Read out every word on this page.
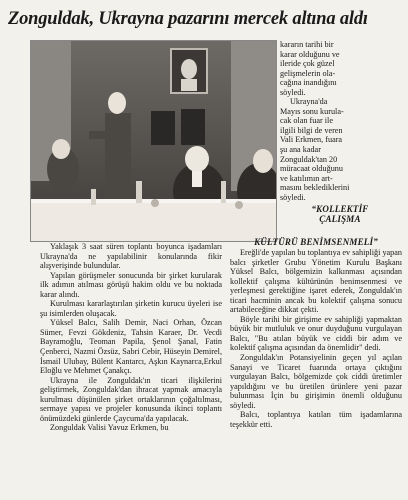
Zonguldak, Ukrayna pazarını mercek altına aldı

kararın tarihi bir

karar olduğunu ve

ileride çok güzel

gelişmelerin ola-

cağına inandığını

söyledi.

Ukrayna'da

Mayıs sonu kurula-

cak olan fuar ile

ilgili bilgi de veren

Vali Erkmen, fuara

şu ana kadar

Zonguldak'tan 20

müracaat olduğunu

ve katılımın art-

masını beklediklerini

söyledi.

“KOLLEKTİF
ÇALIŞMA
KÜLTÜRÜ BENİMSENMELİ”

Ereğli'de yapılan bu toplantıya ev sahipliği yapan balcı şirketler Grubu Yönetim Kurulu Başkanı Yüksel Balcı, bölgemizin kalkınması açısından kollektif çalışma kültürünün benimsenmesi ve yerleşmesi gerektiğine işaret ederek, Zonguldak'ın ticari hacminin ancak bu kolektif çalışma sonucu artabileceğine dikkat çekti.

Böyle tarihi bir girişime ev sahipliği yapmaktan büyük bir mutluluk ve onur duyduğunu vurgulayan Balcı, "Bu atılan büyük ve ciddi bir adım ve kolektif çalışma açısından da önemlidir" dedi.

Zonguldak'ın Potansiyelinin geçen yıl açılan Sanayi ve Ticaret fuarında ortaya çıktığını vurgulayan Balcı, bölgemizde çok ciddi üretimler yapıldığını ve bu üretilen ürünlere yeni pazar bulunması İçin bu girişimin önemli olduğunu söyledi.

Balcı, toplantıya katılan tüm işadamlarına teşekkür etti.

Yaklaşık 3 saat süren toplantı boyunca işadamları Ukrayna'da ne yapılabilinir konularında fikir alışverişinde bulundular.

Yapılan görüşmeler sonucunda bir şirket kurularak ilk adımın atılması görüşü hakim oldu ve bu noktada karar alındı.

Kurulması kararlaştırılan şirketin kurucu üyeleri ise şu isimlerden oluşacak.

Yüksel Balcı, Salih Demir, Naci Orhan, Özcan Sümer, Fevzi Gökdeniz, Tahsin Karaer, Dr. Vecdi Bayramoğlu, Teoman Papila, Şenol Şanal, Fatin Çenberci, Nazmi Özsüz, Sabri Cebir, Hüseyin Demirel, İsmail Ulubay, Bülent Kantarcı, Aşkın Kaynarca,Erkul Eloğlu ve Mehmet Çanakçı.

Ukrayna ile Zonguldak'ın ticari ilişkilerini geliştirmek, Zonguldak'dan ihracat yapmak amacıyla kurulması düşünülen şirket ortaklarının çoğaltılması, sermaye yapısı ve projeler konusunda ikinci toplantı önümüzdeki günlerde Çaycuma'da yapılacak.

Zonguldak Valisi Yavuz Erkmen, bu
